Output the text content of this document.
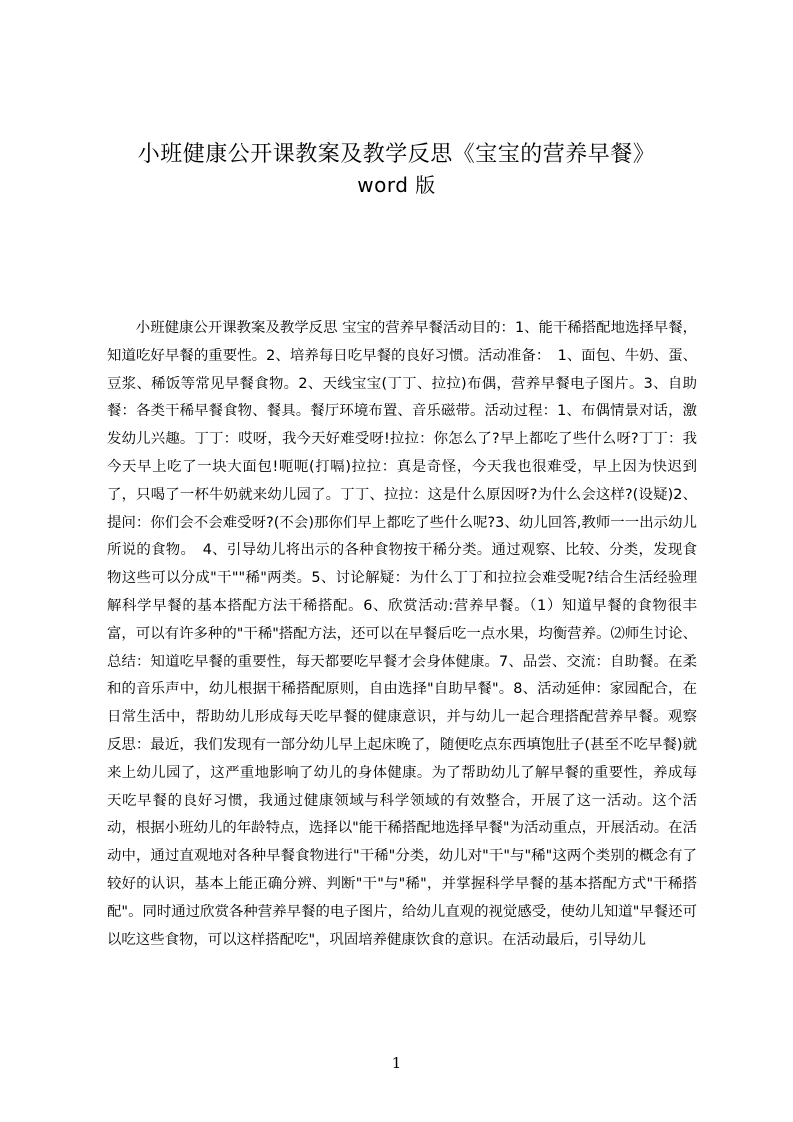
小班健康公开课教案及教学反思《宝宝的营养早餐》
word 版

小班健康公开课教案及教学反思 宝宝的营养早餐活动目的：1、能干稀搭配地选择早餐，知道吃好早餐的重要性。2、培养每日吃早餐的良好习惯。活动准备：　1、面包、牛奶、蛋、豆浆、稀饭等常见早餐食物。2、天线宝宝(丁丁、拉拉)布偶，营养早餐电子图片。3、自助餐：各类干稀早餐食物、餐具。餐厅环境布置、音乐磁带。活动过程：1、布偶情景对话，激发幼儿兴趣。丁丁：哎呀，我今天好难受呀!拉拉：你怎么了?早上都吃了些什么呀?丁丁：我今天早上吃了一块大面包!呃呃(打嗝)拉拉：真是奇怪，今天我也很难受，早上因为快迟到了，只喝了一杯牛奶就来幼儿园了。丁丁、拉拉：这是什么原因呀?为什么会这样?(设疑)2、提问：你们会不会难受呀?(不会)那你们早上都吃了些什么呢?3、幼儿回答,教师一一出示幼儿所说的食物。　4、引导幼儿将出示的各种食物按干稀分类。通过观察、比较、分类，发现食物这些可以分成"干""稀"两类。5、讨论解疑：为什么丁丁和拉拉会难受呢?结合生活经验理解科学早餐的基本搭配方法干稀搭配。6、欣赏活动:营养早餐。（1）知道早餐的食物很丰富，可以有许多种的"干稀"搭配方法，还可以在早餐后吃一点水果，均衡营养。⑵师生讨论、总结：知道吃早餐的重要性，每天都要吃早餐才会身体健康。7、品尝、交流：自助餐。在柔和的音乐声中，幼儿根据干稀搭配原则，自由选择"自助早餐"。8、活动延伸：家园配合，在日常生活中，帮助幼儿形成每天吃早餐的健康意识，并与幼儿一起合理搭配营养早餐。观察反思：最近，我们发现有一部分幼儿早上起床晚了，随便吃点东西填饱肚子(甚至不吃早餐)就来上幼儿园了，这严重地影响了幼儿的身体健康。为了帮助幼儿了解早餐的重要性，养成每天吃早餐的良好习惯，我通过健康领域与科学领域的有效整合，开展了这一活动。这个活动，根据小班幼儿的年龄特点，选择以"能干稀搭配地选择早餐"为活动重点，开展活动。在活动中，通过直观地对各种早餐食物进行"干稀"分类，幼儿对"干"与"稀"这两个类别的概念有了较好的认识，基本上能正确分辨、判断"干"与"稀"，并掌握科学早餐的基本搭配方式"干稀搭配"。同时通过欣赏各种营养早餐的电子图片，给幼儿直观的视觉感受，使幼儿知道"早餐还可以吃这些食物，可以这样搭配吃"，巩固培养健康饮食的意识。在活动最后，引导幼儿

1
